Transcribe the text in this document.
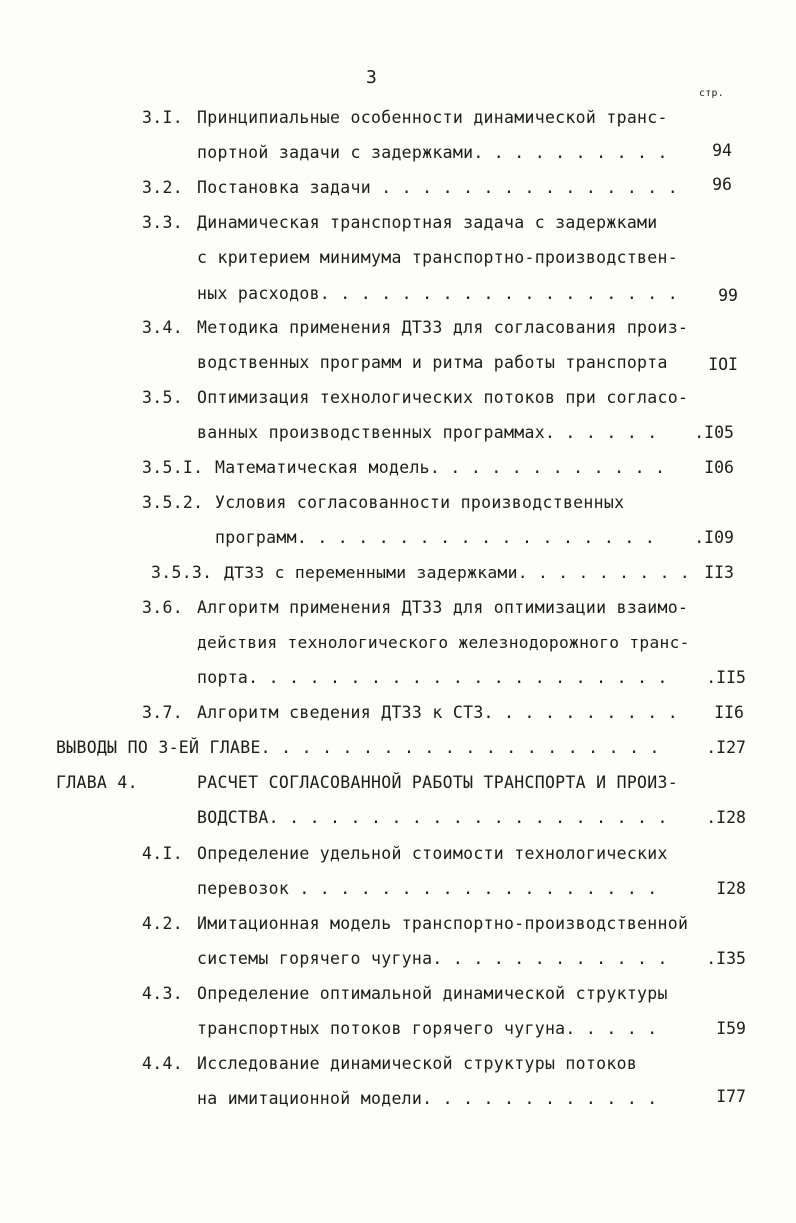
3
стр.
3.I. Принципиальные особенности динамической транс-
портной задачи с задержками. . . . . . . . . .	94
3.2. Постановка задачи . . . . . . . . . . . . . . .	96
3.3. Динамическая транспортная задача с задержками
с критерием минимума транспортно-производствен-
ных расходов. . . . . . . . . . . . . . . . . .	99
3.4. Методика применения ДТЗЗ для согласования произ-
водственных программ и ритма работы транспорта	IOI
3.5. Оптимизация технологических потоков при согласо-
ванных производственных программах. . . . . .	.I05
3.5.I. Математическая модель. . . . . . . . . . . .	I06
3.5.2. Условия согласованности производственных
программ. . . . . . . . . . . . . . . . . .	.I09
3.5.3. ДТЗЗ с переменными задержками. . . . . . . . . II3
3.6. Алгоритм применения ДТЗЗ для оптимизации взаимо-
действия технологического железнодорожного транс-
порта. . . . . . . . . . . . . . . . . . . . .	.II5
3.7. Алгоритм сведения ДТЗЗ к СТЗ. . . . . . . . . .	II6
ВЫВОДЫ ПО 3-ЕЙ ГЛАВЕ. . . . . . . . . . . . . . . . . . . .	.I27
ГЛАВА 4.	РАСЧЕТ СОГЛАСОВАННОЙ РАБОТЫ ТРАНСПОРТА И ПРОИЗ-
ВОДСТВА. . . . . . . . . . . . . . . . . . . .	.I28
4.I. Определение удельной стоимости технологических
перевозок . . . . . . . . . . . . . . . . . .	I28
4.2. Имитационная модель транспортно-производственной
системы горячего чугуна. . . . . . . . . . . .	.I35
4.3. Определение оптимальной динамической структуры
транспортных потоков горячего чугуна. . . . .	I59
4.4. Исследование динамической структуры потоков
на имитационной модели. . . . . . . . . . . .	I77
